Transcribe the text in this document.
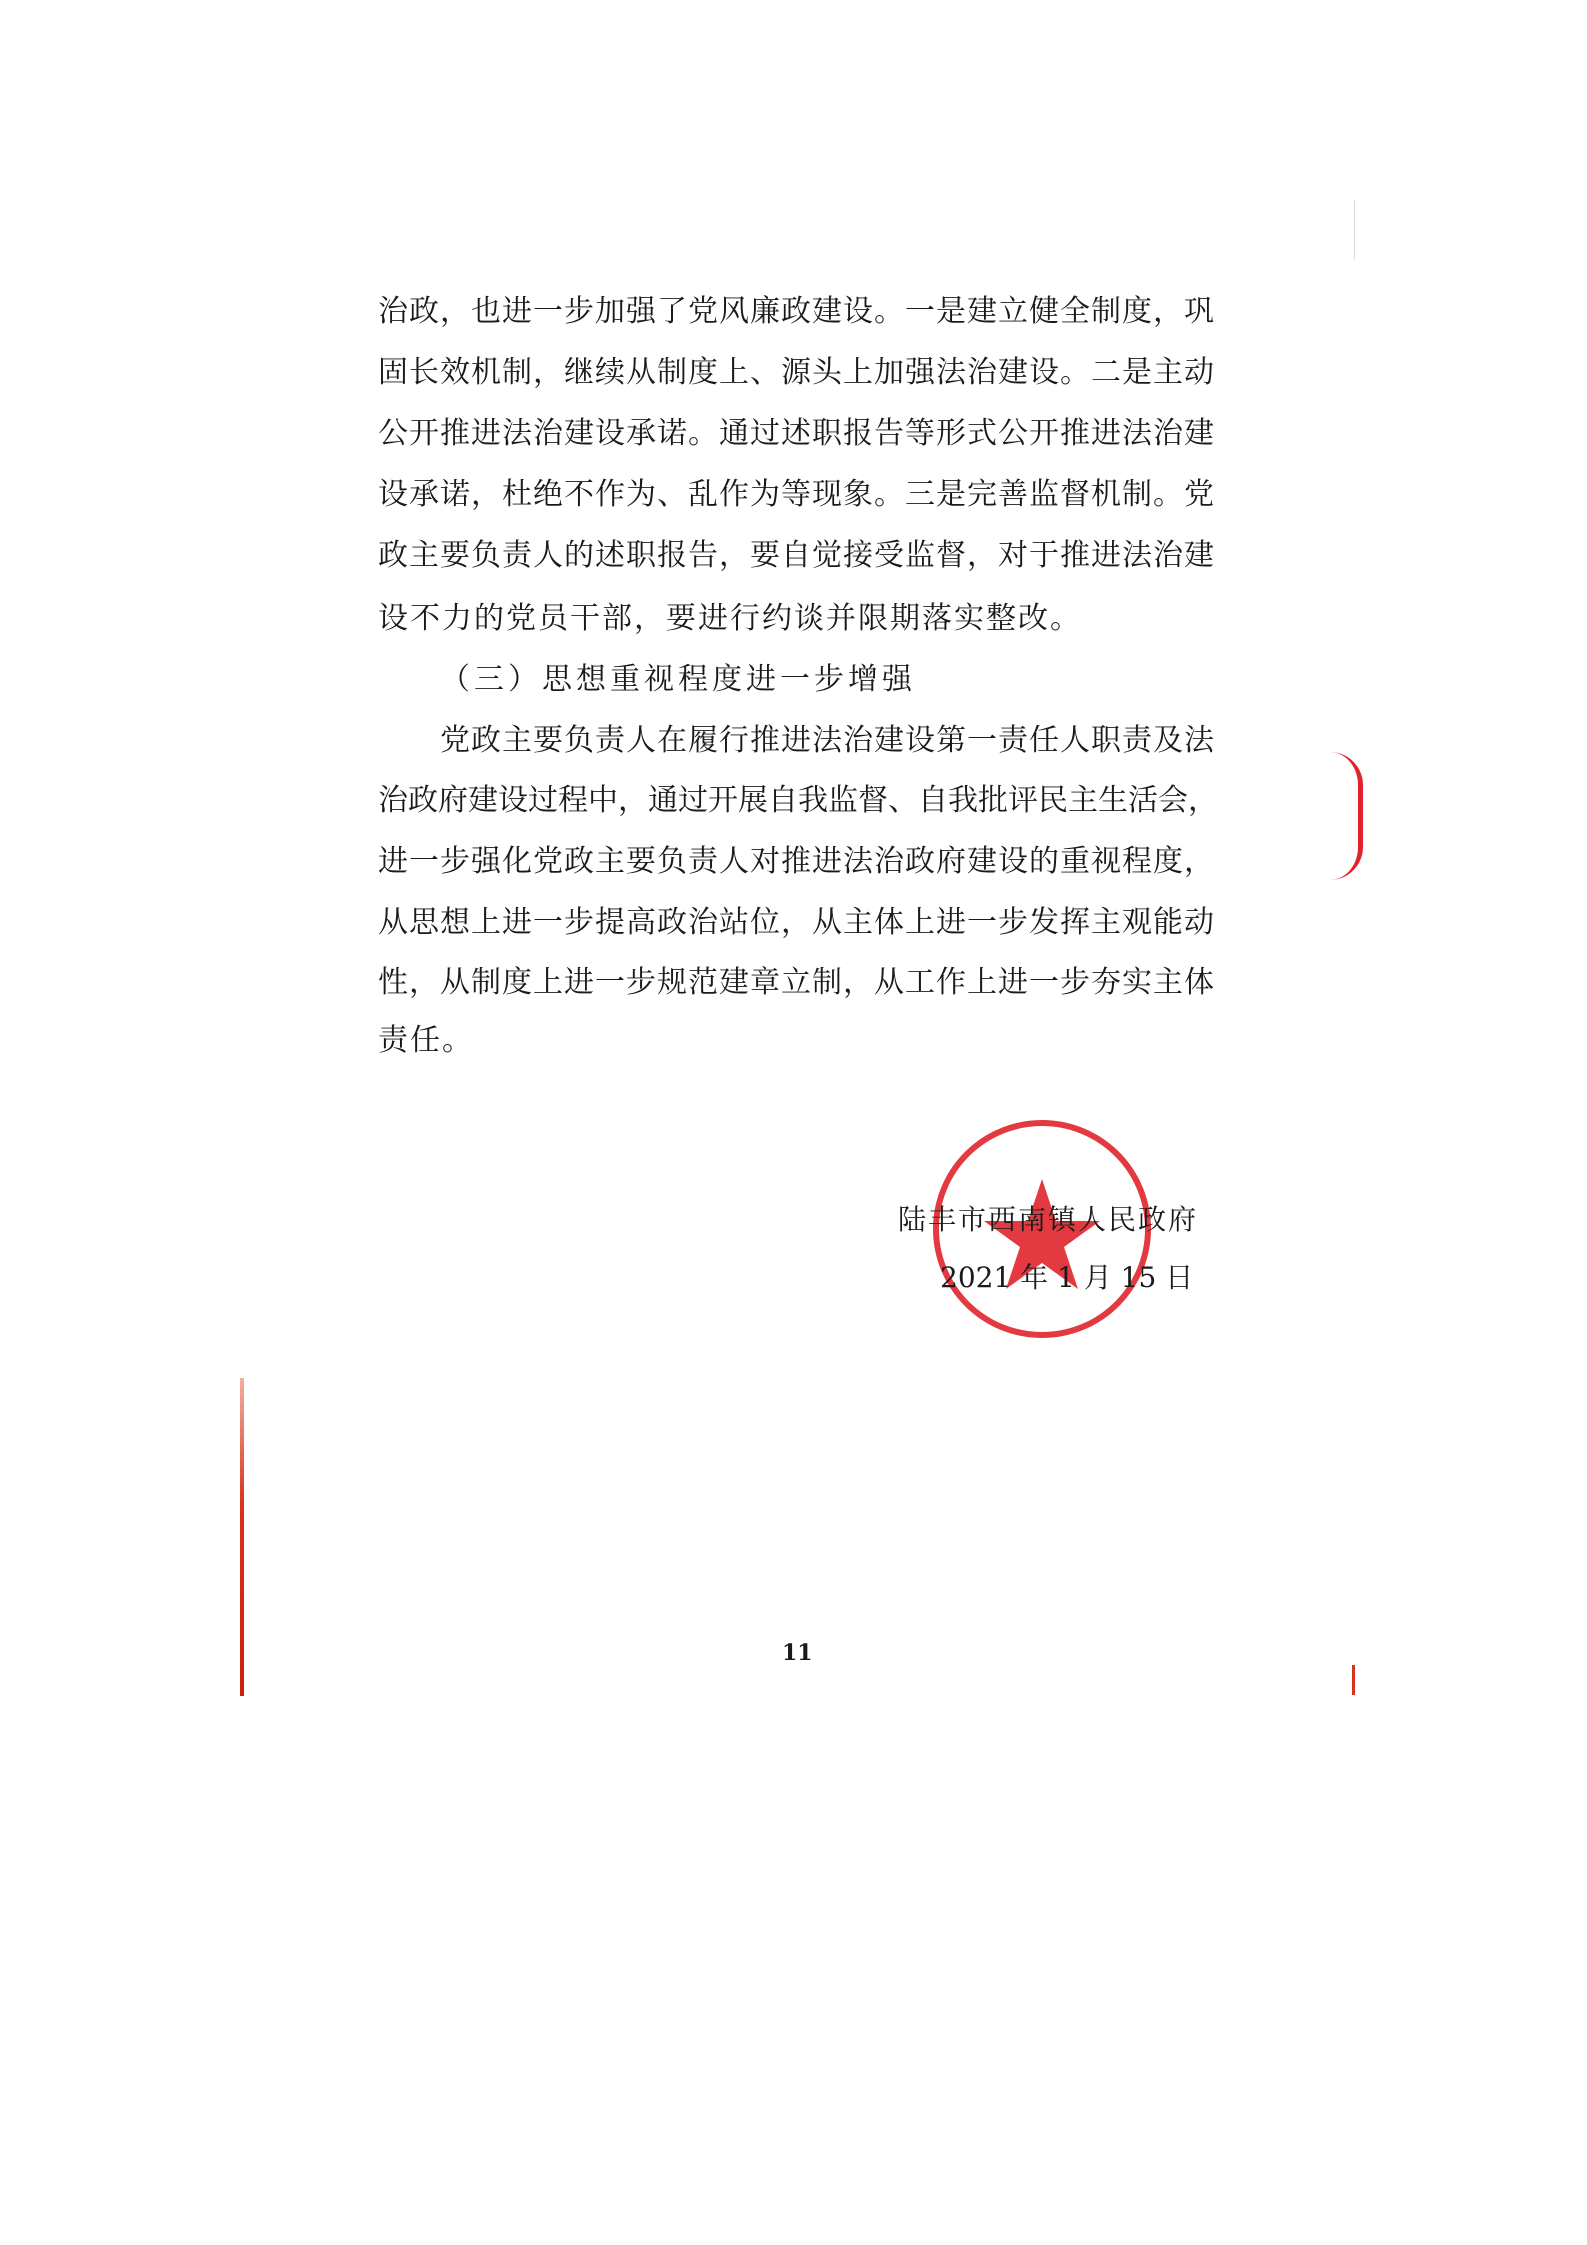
治政，也进一步加强了党风廉政建设。一是建立健全制度，巩
固长效机制，继续从制度上、源头上加强法治建设。二是主动
公开推进法治建设承诺。通过述职报告等形式公开推进法治建
设承诺，杜绝不作为、乱作为等现象。三是完善监督机制。党
政主要负责人的述职报告，要自觉接受监督，对于推进法治建
设不力的党员干部，要进行约谈并限期落实整改。
（三）思想重视程度进一步增强
党政主要负责人在履行推进法治建设第一责任人职责及法
治政府建设过程中，通过开展自我监督、自我批评民主生活会，
进一步强化党政主要负责人对推进法治政府建设的重视程度，
从思想上进一步提高政治站位，从主体上进一步发挥主观能动
性，从制度上进一步规范建章立制，从工作上进一步夯实主体
责任。
陆丰市西南镇人民政府
2021 年 1 月 15 日
11
